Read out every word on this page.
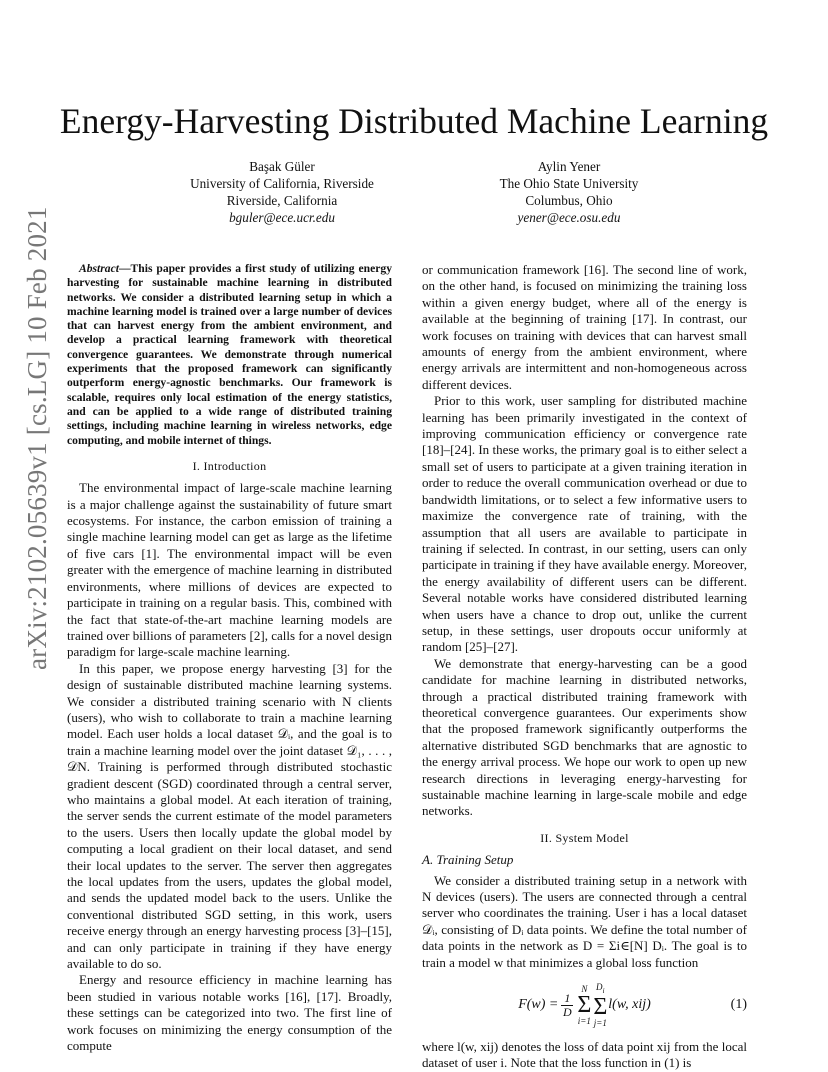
arXiv:2102.05639v1 [cs.LG] 10 Feb 2021
Energy-Harvesting Distributed Machine Learning
Başak Güler
University of California, Riverside
Riverside, California
bguler@ece.ucr.edu
Aylin Yener
The Ohio State University
Columbus, Ohio
yener@ece.osu.edu

Abstract—This paper provides a first study of utilizing energy harvesting for sustainable machine learning in distributed networks. We consider a distributed learning setup in which a machine learning model is trained over a large number of devices that can harvest energy from the ambient environment, and develop a practical learning framework with theoretical convergence guarantees. We demonstrate through numerical experiments that the proposed framework can significantly outperform energy-agnostic benchmarks. Our framework is scalable, requires only local estimation of the energy statistics, and can be applied to a wide range of distributed training settings, including machine learning in wireless networks, edge computing, and mobile internet of things.

I. Introduction

The environmental impact of large-scale machine learning is a major challenge against the sustainability of future smart ecosystems. For instance, the carbon emission of training a single machine learning model can get as large as the lifetime of five cars [1]. The environmental impact will be even greater with the emergence of machine learning in distributed environments, where millions of devices are expected to participate in training on a regular basis. This, combined with the fact that state-of-the-art machine learning models are trained over billions of parameters [2], calls for a novel design paradigm for large-scale machine learning.

In this paper, we propose energy harvesting [3] for the design of sustainable distributed machine learning systems. We consider a distributed training scenario with N clients (users), who wish to collaborate to train a machine learning model. Each user holds a local dataset 𝒟ᵢ, and the goal is to train a machine learning model over the joint dataset 𝒟₁, . . . , 𝒟N. Training is performed through distributed stochastic gradient descent (SGD) coordinated through a central server, who maintains a global model. At each iteration of training, the server sends the current estimate of the model parameters to the users. Users then locally update the global model by computing a local gradient on their local dataset, and send their local updates to the server. The server then aggregates the local updates from the users, updates the global model, and sends the updated model back to the users. Unlike the conventional distributed SGD setting, in this work, users receive energy through an energy harvesting process [3]–[15], and can only participate in training if they have energy available to do so.

Energy and resource efficiency in machine learning has been studied in various notable works [16], [17]. Broadly, these settings can be categorized into two. The first line of work focuses on minimizing the energy consumption of the compute

or communication framework [16]. The second line of work, on the other hand, is focused on minimizing the training loss within a given energy budget, where all of the energy is available at the beginning of training [17]. In contrast, our work focuses on training with devices that can harvest small amounts of energy from the ambient environment, where energy arrivals are intermittent and non-homogeneous across different devices.

Prior to this work, user sampling for distributed machine learning has been primarily investigated in the context of improving communication efficiency or convergence rate [18]–[24]. In these works, the primary goal is to either select a small set of users to participate at a given training iteration in order to reduce the overall communication overhead or due to bandwidth limitations, or to select a few informative users to maximize the convergence rate of training, with the assumption that all users are available to participate in training if selected. In contrast, in our setting, users can only participate in training if they have available energy. Moreover, the energy availability of different users can be different. Several notable works have considered distributed learning when users have a chance to drop out, unlike the current setup, in these settings, user dropouts occur uniformly at random [25]–[27].

We demonstrate that energy-harvesting can be a good candidate for machine learning in distributed networks, through a practical distributed training framework with theoretical convergence guarantees. Our experiments show that the proposed framework significantly outperforms the alternative distributed SGD benchmarks that are agnostic to the energy arrival process. We hope our work to open up new research directions in leveraging energy-harvesting for sustainable machine learning in large-scale mobile and edge networks.

II. System Model
A. Training Setup

We consider a distributed training setup in a network with N devices (users). The users are connected through a central server who coordinates the training. User i has a local dataset 𝒟ᵢ, consisting of Dᵢ data points. We define the total number of data points in the network as D = Σi∈[N] Dᵢ. The goal is to train a model w that minimizes a global loss function

$F(w) = \frac{1}{D}$
N
Σ
i=1
$D_i$
Σ
j=1
l(w, xij)	(1)

where l(w, xij) denotes the loss of data point xij from the local dataset of user i. Note that the loss function in (1) is
